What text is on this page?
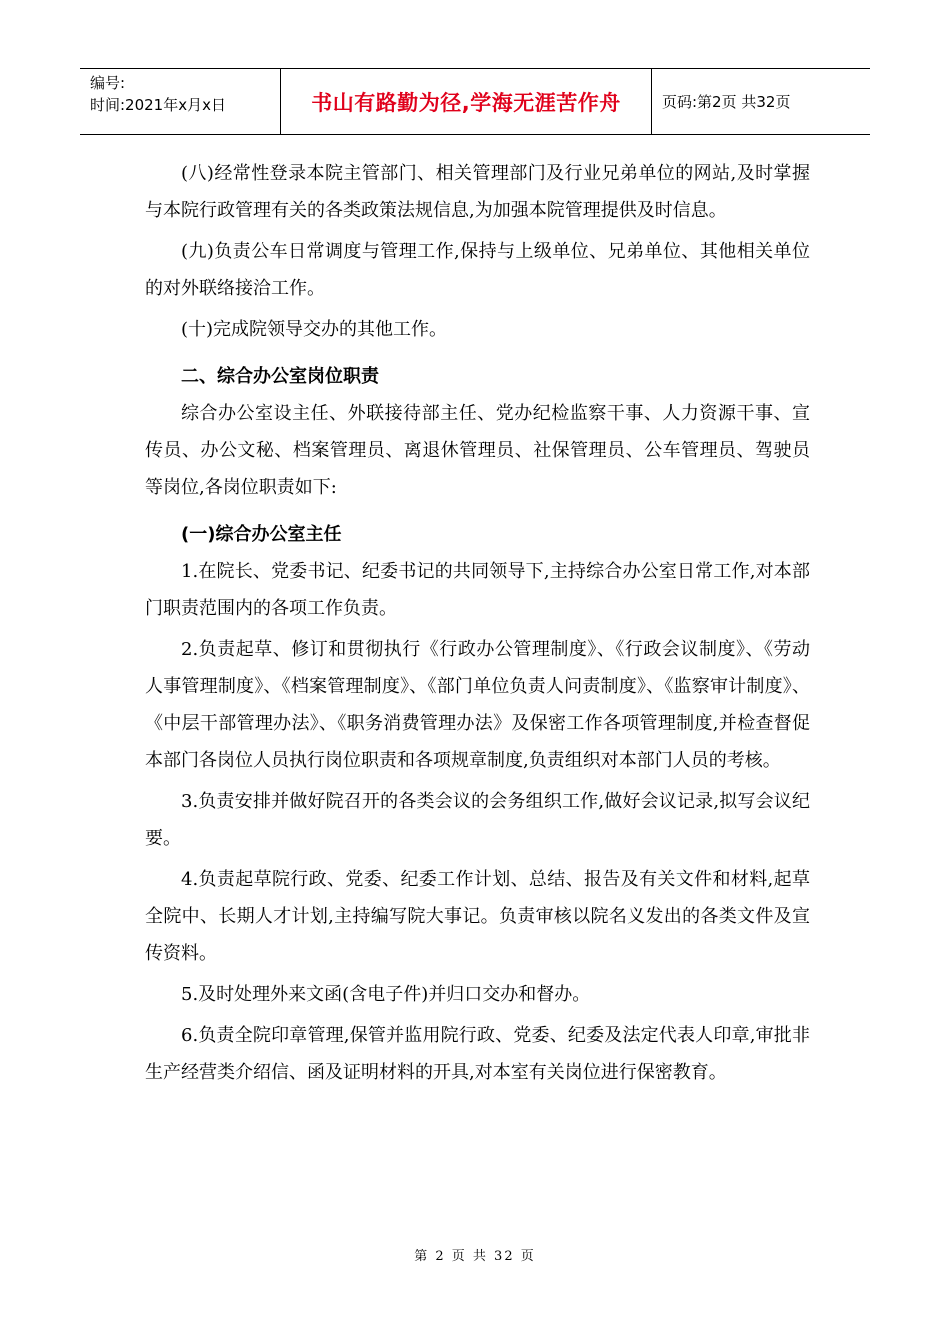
编号:
时间:2021年x月x日	书山有路勤为径,学海无涯苦作舟	页码:第2页 共32页

(八)经常性登录本院主管部门、相关管理部门及行业兄弟单位的网站,及时掌握与本院行政管理有关的各类政策法规信息,为加强本院管理提供及时信息。

(九)负责公车日常调度与管理工作,保持与上级单位、兄弟单位、其他相关单位的对外联络接洽工作。

(十)完成院领导交办的其他工作。

二、综合办公室岗位职责

综合办公室设主任、外联接待部主任、党办纪检监察干事、人力资源干事、宣传员、办公文秘、档案管理员、离退休管理员、社保管理员、公车管理员、驾驶员等岗位,各岗位职责如下:

(一)综合办公室主任

1.在院长、党委书记、纪委书记的共同领导下,主持综合办公室日常工作,对本部门职责范围内的各项工作负责。

2.负责起草、修订和贯彻执行《行政办公管理制度》、《行政会议制度》、《劳动人事管理制度》、《档案管理制度》、《部门单位负责人问责制度》、《监察审计制度》、《中层干部管理办法》、《职务消费管理办法》及保密工作各项管理制度,并检查督促本部门各岗位人员执行岗位职责和各项规章制度,负责组织对本部门人员的考核。

3.负责安排并做好院召开的各类会议的会务组织工作,做好会议记录,拟写会议纪要。

4.负责起草院行政、党委、纪委工作计划、总结、报告及有关文件和材料,起草全院中、长期人才计划,主持编写院大事记。负责审核以院名义发出的各类文件及宣传资料。

5.及时处理外来文函(含电子件)并归口交办和督办。

6.负责全院印章管理,保管并监用院行政、党委、纪委及法定代表人印章,审批非生产经营类介绍信、函及证明材料的开具,对本室有关岗位进行保密教育。

第 2 页 共 32 页
